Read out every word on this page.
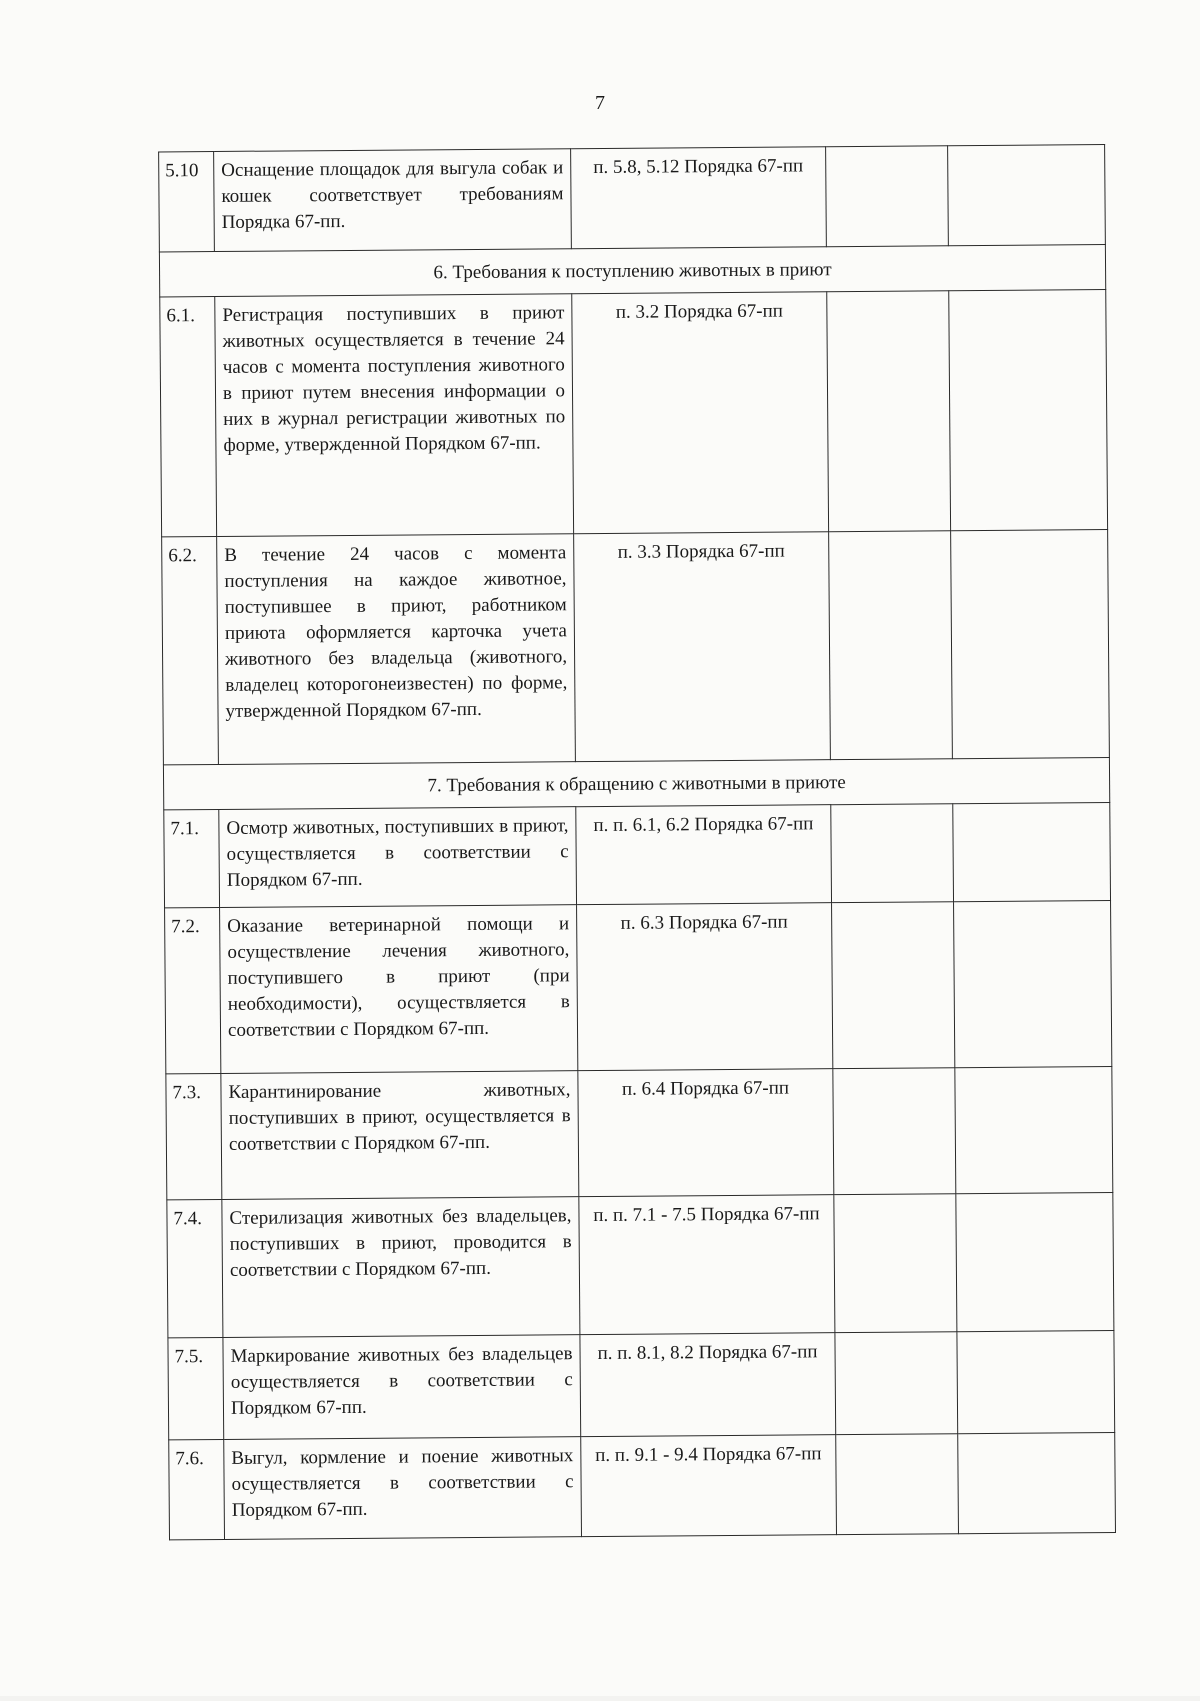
7
5.10	Оснащение площадок для выгула собак и кошек соответствует требованиям Порядка 67-пп.	п. 5.8, 5.12 Порядка 67-пп		
6. Требования к поступлению животных в приют				
6.1.	Регистрация поступивших в приют животных осуществляется в течение 24 часов с момента поступления животного в приют путем внесения информации о них в журнал регистрации животных по форме, утвержденной Порядком 67-пп.	п. 3.2 Порядка 67-пп		
6.2.	В течение 24 часов с момента поступления на каждое животное, поступившее в приют, работником приюта оформляется карточка учета животного без владельца (животного, владелец которогонеизвестен) по форме, утвержденной Порядком 67-пп.	п. 3.3 Порядка 67-пп		
7. Требования к обращению с животными в приюте				
7.1.	Осмотр животных, поступивших в приют, осуществляется в соответствии с Порядком 67-пп.	п. п. 6.1, 6.2 Порядка 67-пп		
7.2.	Оказание ветеринарной помощи и осуществление лечения животного, поступившего в приют (при необходимости), осуществляется в соответствии с Порядком 67-пп.	п. 6.3 Порядка 67-пп		
7.3.	Карантинирование животных, поступивших в приют, осуществляется в соответствии с Порядком 67-пп.	п. 6.4 Порядка 67-пп		
7.4.	Стерилизация животных без владельцев, поступивших в приют, проводится в соответствии с Порядком 67-пп.	п. п. 7.1 - 7.5 Порядка 67-пп		
7.5.	Маркирование животных без владельцев осуществляется в соответствии с Порядком 67-пп.	п. п. 8.1, 8.2 Порядка 67-пп		
7.6.	Выгул, кормление и поение животных осуществляется в соответствии с Порядком 67-пп.	п. п. 9.1 - 9.4 Порядка 67-пп		
